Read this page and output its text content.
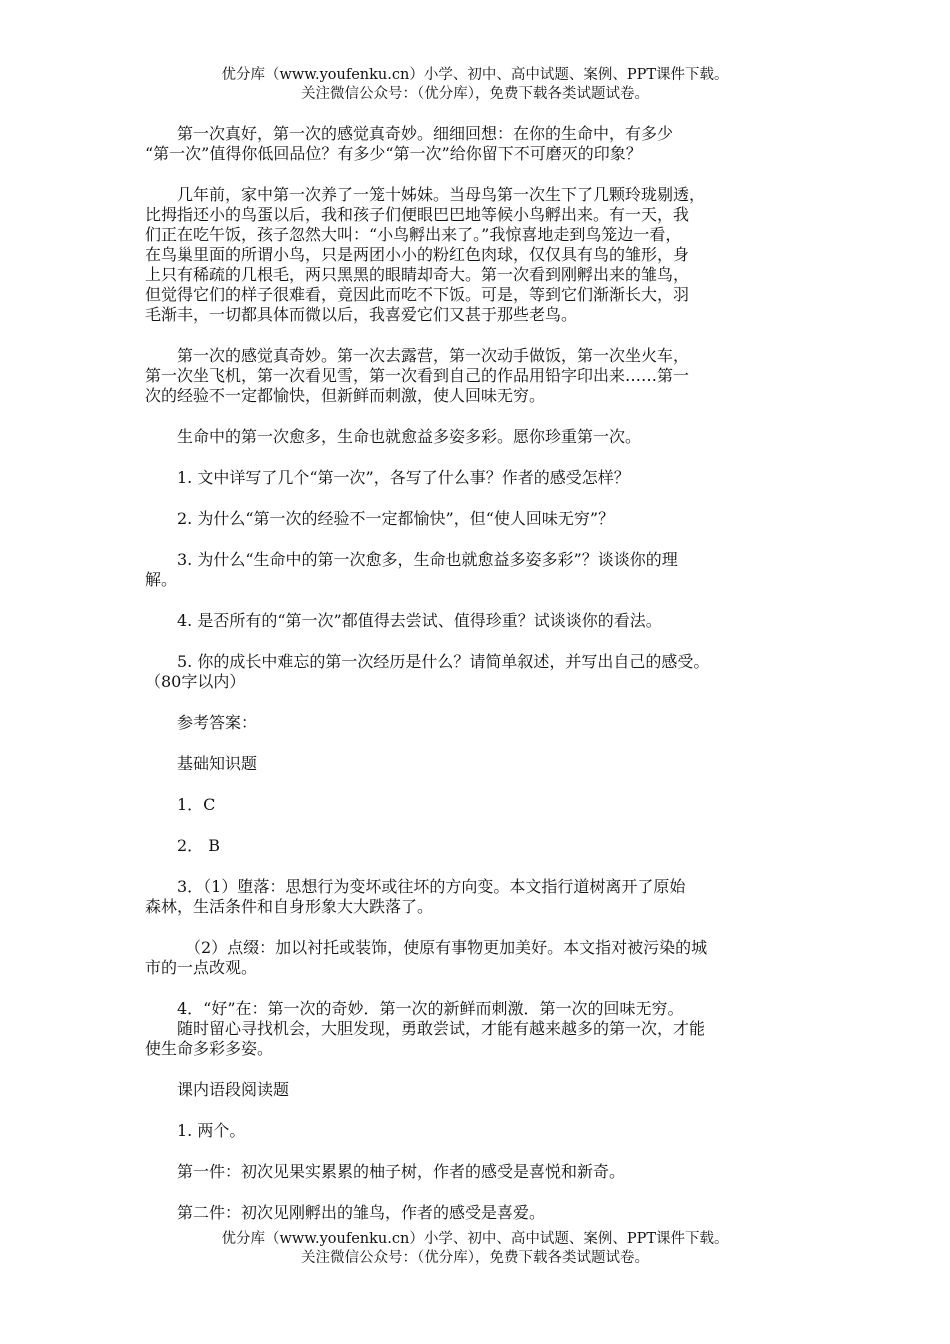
优分库（www.youfenku.cn）小学、初中、高中试题、案例、PPT课件下载。
关注微信公众号：（优分库），免费下载各类试题试卷。
　　第一次真好，第一次的感觉真奇妙。细细回想：在你的生命中，有多少
“第一次”值得你低回品位？有多少“第一次”给你留下不可磨灭的印象？
　　几年前，家中第一次养了一笼十姊妹。当母鸟第一次生下了几颗玲珑剔透，
比拇指还小的鸟蛋以后，我和孩子们便眼巴巴地等候小鸟孵出来。有一天，我
们正在吃午饭，孩子忽然大叫：“小鸟孵出来了。”我惊喜地走到鸟笼边一看，
在鸟巢里面的所谓小鸟，只是两团小小的粉红色肉球，仅仅具有鸟的雏形，身
上只有稀疏的几根毛，两只黑黑的眼睛却奇大。第一次看到刚孵出来的雏鸟，
但觉得它们的样子很难看，竟因此而吃不下饭。可是，等到它们渐渐长大，羽
毛渐丰，一切都具体而微以后，我喜爱它们又甚于那些老鸟。
　　第一次的感觉真奇妙。第一次去露营，第一次动手做饭，第一次坐火车，
第一次坐飞机，第一次看见雪，第一次看到自己的作品用铅字印出来……第一
次的经验不一定都愉快，但新鲜而刺激，使人回味无穷。
　　生命中的第一次愈多，生命也就愈益多姿多彩。愿你珍重第一次。
　　1. 文中详写了几个“第一次”，各写了什么事？作者的感受怎样？
　　2. 为什么“第一次的经验不一定都愉快”，但“使人回味无穷”？
　　3. 为什么“生命中的第一次愈多，生命也就愈益多姿多彩”？谈谈你的理
解。
　　4. 是否所有的“第一次”都值得去尝试、值得珍重？试谈谈你的看法。
　　5. 你的成长中难忘的第一次经历是什么？请简单叙述，并写出自己的感受。
（80字以内）
　　参考答案：
　　基础知识题
　　1．C
　　2． B
　　3．（1）堕落：思想行为变坏或往坏的方向变。本文指行道树离开了原始
森林，生活条件和自身形象大大跌落了。
　　　（2）点缀：加以衬托或装饰，使原有事物更加美好。本文指对被污染的城
市的一点改观。
　　4．“好”在：第一次的奇妙．第一次的新鲜而刺激．第一次的回味无穷。
　　随时留心寻找机会，大胆发现，勇敢尝试，才能有越来越多的第一次，才能
使生命多彩多姿。
　　课内语段阅读题
　　1. 两个。
　　第一件：初次见果实累累的柚子树，作者的感受是喜悦和新奇。
　　第二件：初次见刚孵出的雏鸟，作者的感受是喜爱。
优分库（www.youfenku.cn）小学、初中、高中试题、案例、PPT课件下载。
关注微信公众号：（优分库），免费下载各类试题试卷。
